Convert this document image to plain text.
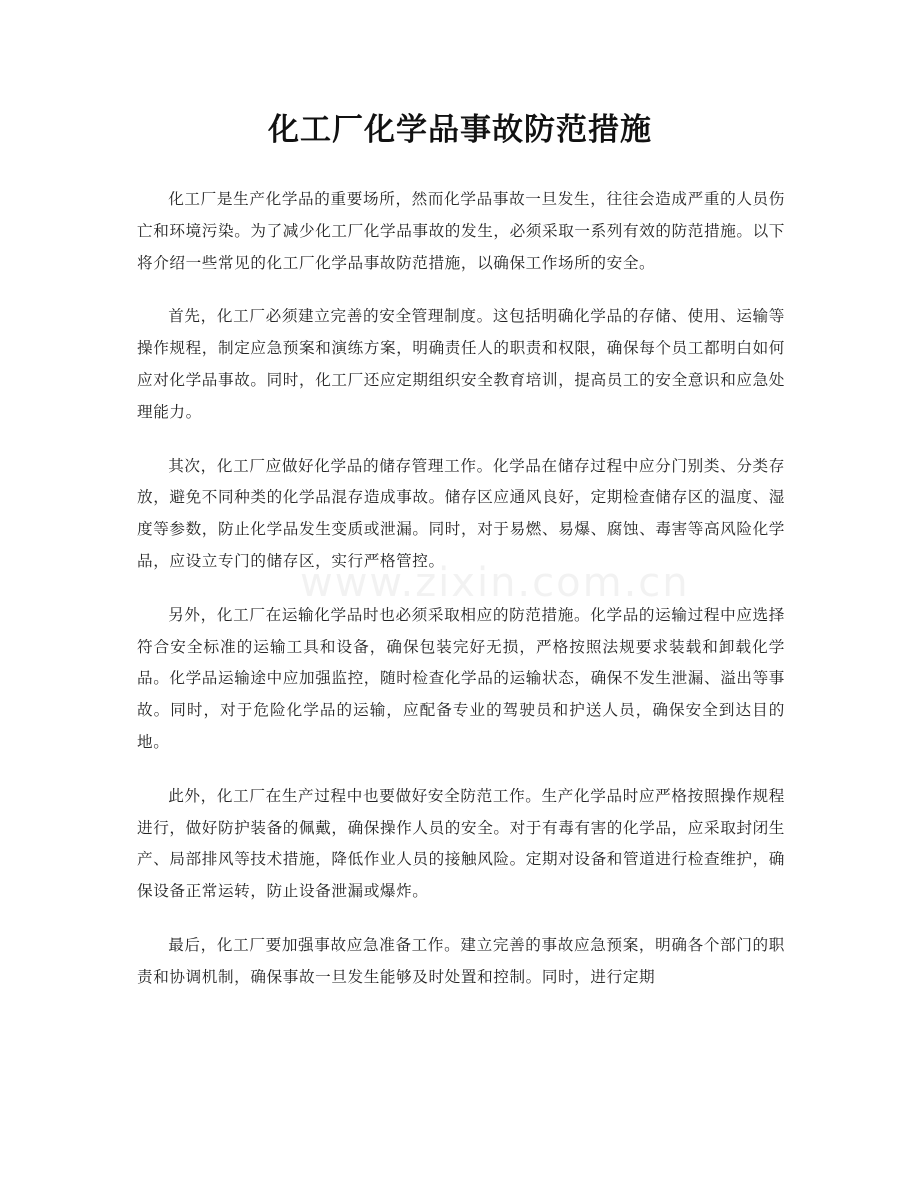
化工厂化学品事故防范措施
www.zixin.com.cn

化工厂是生产化学品的重要场所，然而化学品事故一旦发生，往往会造成严重的人员伤亡和环境污染。为了减少化工厂化学品事故的发生，必须采取一系列有效的防范措施。以下将介绍一些常见的化工厂化学品事故防范措施，以确保工作场所的安全。

首先，化工厂必须建立完善的安全管理制度。这包括明确化学品的存储、使用、运输等操作规程，制定应急预案和演练方案，明确责任人的职责和权限，确保每个员工都明白如何应对化学品事故。同时，化工厂还应定期组织安全教育培训，提高员工的安全意识和应急处理能力。

其次，化工厂应做好化学品的储存管理工作。化学品在储存过程中应分门别类、分类存放，避免不同种类的化学品混存造成事故。储存区应通风良好，定期检查储存区的温度、湿度等参数，防止化学品发生变质或泄漏。同时，对于易燃、易爆、腐蚀、毒害等高风险化学品，应设立专门的储存区，实行严格管控。

另外，化工厂在运输化学品时也必须采取相应的防范措施。化学品的运输过程中应选择符合安全标准的运输工具和设备，确保包装完好无损，严格按照法规要求装载和卸载化学品。化学品运输途中应加强监控，随时检查化学品的运输状态，确保不发生泄漏、溢出等事故。同时，对于危险化学品的运输，应配备专业的驾驶员和护送人员，确保安全到达目的地。

此外，化工厂在生产过程中也要做好安全防范工作。生产化学品时应严格按照操作规程进行，做好防护装备的佩戴，确保操作人员的安全。对于有毒有害的化学品，应采取封闭生产、局部排风等技术措施，降低作业人员的接触风险。定期对设备和管道进行检查维护，确保设备正常运转，防止设备泄漏或爆炸。

最后，化工厂要加强事故应急准备工作。建立完善的事故应急预案，明确各个部门的职责和协调机制，确保事故一旦发生能够及时处置和控制。同时，进行定期
